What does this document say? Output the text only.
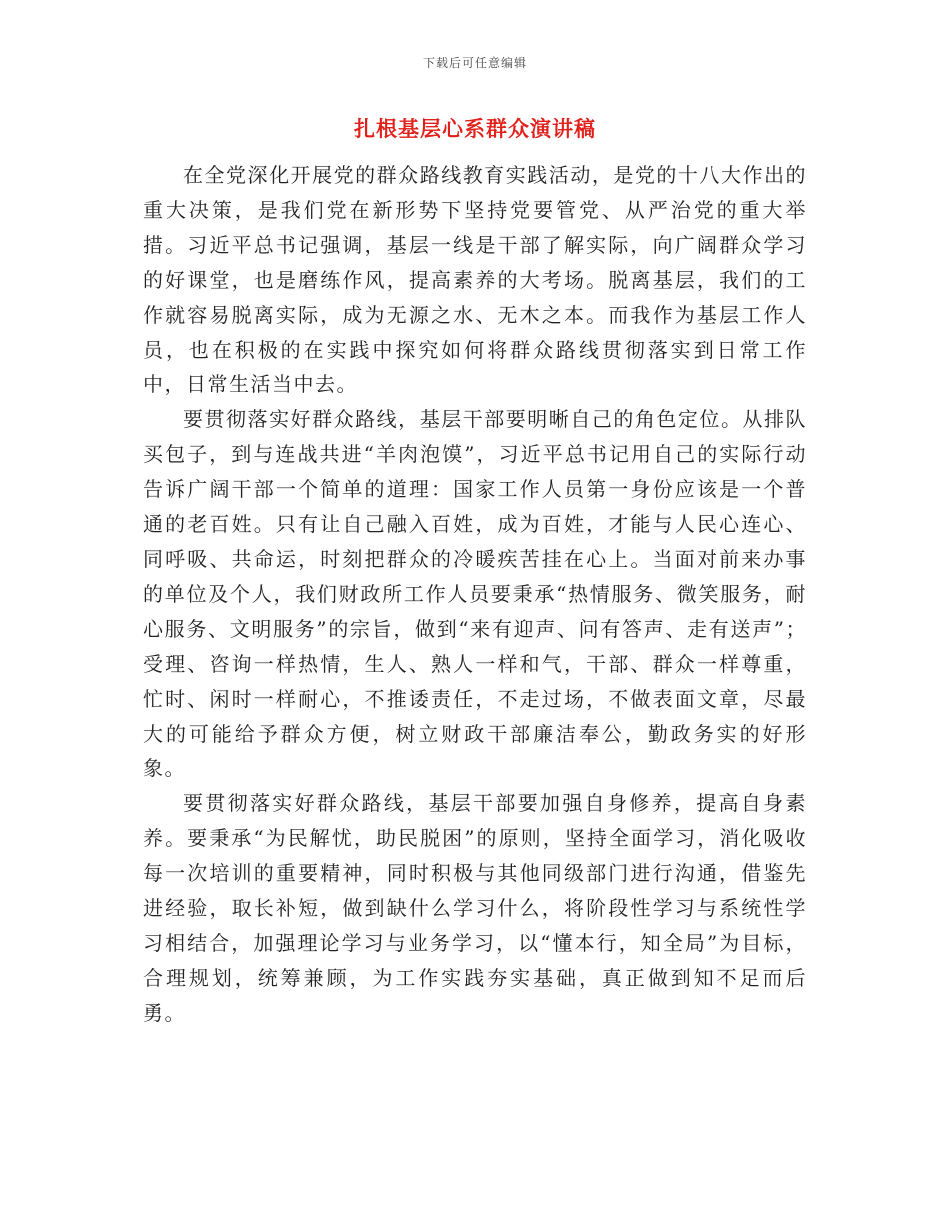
下载后可任意编辑
扎根基层心系群众演讲稿

在全党深化开展党的群众路线教育实践活动，是党的十八大作出的重大决策，是我们党在新形势下坚持党要管党、从严治党的重大举措。习近平总书记强调，基层一线是干部了解实际，向广阔群众学习的好课堂，也是磨练作风，提高素养的大考场。脱离基层，我们的工作就容易脱离实际，成为无源之水、无木之本。而我作为基层工作人员，也在积极的在实践中探究如何将群众路线贯彻落实到日常工作中，日常生活当中去。

要贯彻落实好群众路线，基层干部要明晰自己的角色定位。从排队买包子，到与连战共进“羊肉泡馍”，习近平总书记用自己的实际行动告诉广阔干部一个简单的道理：国家工作人员第一身份应该是一个普通的老百姓。只有让自己融入百姓，成为百姓，才能与人民心连心、同呼吸、共命运，时刻把群众的冷暖疾苦挂在心上。当面对前来办事的单位及个人，我们财政所工作人员要秉承“热情服务、微笑服务，耐心服务、文明服务”的宗旨，做到“来有迎声、问有答声、走有送声”；受理、咨询一样热情，生人、熟人一样和气，干部、群众一样尊重，忙时、闲时一样耐心，不推诿责任，不走过场，不做表面文章，尽最大的可能给予群众方便，树立财政干部廉洁奉公，勤政务实的好形象。

要贯彻落实好群众路线，基层干部要加强自身修养，提高自身素养。要秉承“为民解忧，助民脱困”的原则，坚持全面学习，消化吸收每一次培训的重要精神，同时积极与其他同级部门进行沟通，借鉴先进经验，取长补短，做到缺什么学习什么，将阶段性学习与系统性学习相结合，加强理论学习与业务学习，以“懂本行，知全局”为目标，合理规划，统筹兼顾，为工作实践夯实基础，真正做到知不足而后勇。
